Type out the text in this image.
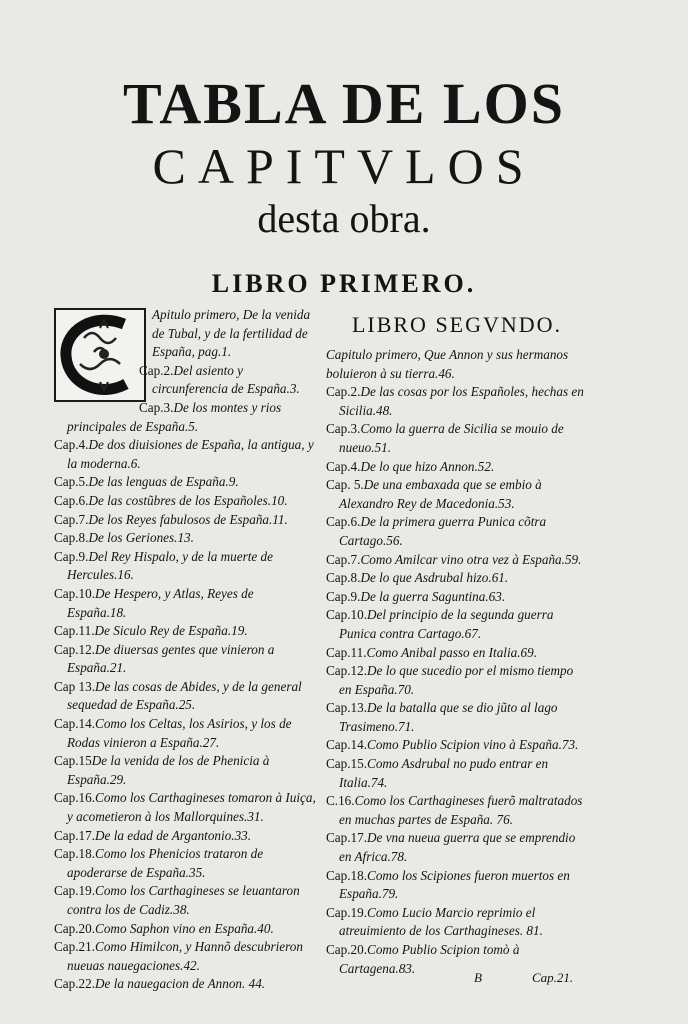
TABLA DE LOS
CAPITVLOS
desta obra.
LIBRO PRIMERO.

Apitulo primero, De la venida de Tubal, y de la fertilidad de España, pag.1.

Cap.2.Del asiento y circunferencia de España.3.

Cap.3.De los montes y rios principales de España.5.

Cap.4.De dos diuisiones de España, la antigua, y la moderna.6.

Cap.5.De las lenguas de España.9.

Cap.6.De las costũbres de los Españoles.10.

Cap.7.De los Reyes fabulosos de España.11.

Cap.8.De los Geriones.13.

Cap.9.Del Rey Hispalo, y de la muerte de Hercules.16.

Cap.10.De Hespero, y Atlas, Reyes de España.18.

Cap.11.De Siculo Rey de España.19.

Cap.12.De diuersas gentes que vinieron a España.21.

Cap 13.De las cosas de Abides, y de la general sequedad de España.25.

Cap.14.Como los Celtas, los Asirios, y los de Rodas vinieron a España.27.

Cap.15De la venida de los de Phenicia à España.29.

Cap.16.Como los Carthagineses tomaron à Iuiça, y acometieron à los Mallorquines.31.

Cap.17.De la edad de Argantonio.33.

Cap.18.Como los Phenicios trataron de apoderarse de España.35.

Cap.19.Como los Carthagineses se leuantaron contra los de Cadiz.38.

Cap.20.Como Saphon vino en España.40.

Cap.21.Como Himilcon, y Hannõ descubrieron nueuas nauegaciones.42.

Cap.22.De la nauegacion de Annon. 44.

LIBRO SEGVNDO.

Capitulo primero, Que Annon y sus hermanos boluieron à su tierra.46.

Cap.2.De las cosas por los Españoles, hechas en Sicilia.48.

Cap.3.Como la guerra de Sicilia se mouio de nueuo.51.

Cap.4.De lo que hizo Annon.52.

Cap. 5.De una embaxada que se embio à Alexandro Rey de Macedonia.53.

Cap.6.De la primera guerra Punica cõtra Cartago.56.

Cap.7.Como Amilcar vino otra vez à España.59.

Cap.8.De lo que Asdrubal hizo.61.

Cap.9.De la guerra Saguntina.63.

Cap.10.Del principio de la segunda guerra Punica contra Cartago.67.

Cap.11.Como Anibal passo en Italia.69.

Cap.12.De lo que sucedio por el mismo tiempo en España.70.

Cap.13.De la batalla que se dio jũto al lago Trasimeno.71.

Cap.14.Como Publio Scipion vino à España.73.

Cap.15.Como Asdrubal no pudo entrar en Italia.74.

C.16.Como los Carthagineses fuerõ maltratados en muchas partes de España. 76.

Cap.17.De vna nueua guerra que se emprendio en Africa.78.

Cap.18.Como los Scipiones fueron muertos en España.79.

Cap.19.Como Lucio Marcio reprimio el atreuimiento de los Carthagineses. 81.

Cap.20.Como Publio Scipion tomò à Cartagena.83.

B	Cap.21.
